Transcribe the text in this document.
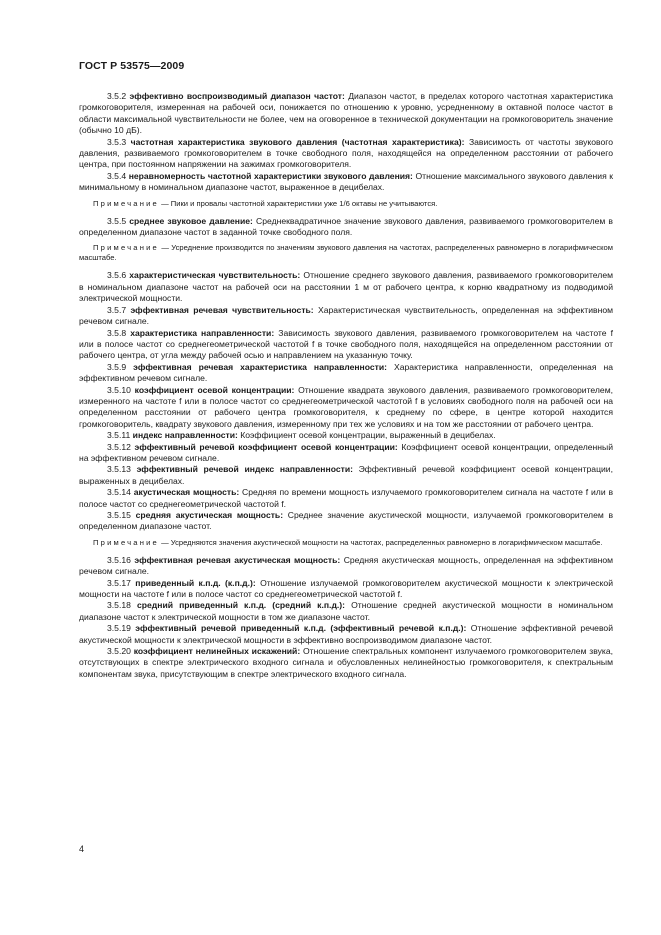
ГОСТ Р 53575—2009

3.5.2 эффективно воспроизводимый диапазон частот: Диапазон частот, в пределах которого частотная характеристика громкоговорителя, измеренная на рабочей оси, понижается по отношению к уровню, усредненному в октавной полосе частот в области максимальной чувствительности не более, чем на оговоренное в технической документации на громкоговоритель значение (обычно 10 дБ).

3.5.3 частотная характеристика звукового давления (частотная характеристика): Зависимость от частоты звукового давления, развиваемого громкоговорителем в точке свободного поля, находящейся на определенном расстоянии от рабочего центра, при постоянном напряжении на зажимах громкоговорителя.

3.5.4 неравномерность частотной характеристики звукового давления: Отношение максимального звукового давления к минимальному в номинальном диапазоне частот, выраженное в децибелах.

Примечание — Пики и провалы частотной характеристики уже 1/6 октавы не учитываются.

3.5.5 среднее звуковое давление: Среднеквадратичное значение звукового давления, развиваемого громкоговорителем в определенном диапазоне частот в заданной точке свободного поля.

Примечание — Усреднение производится по значениям звукового давления на частотах, распределенных равномерно в логарифмическом масштабе.

3.5.6 характеристическая чувствительность: Отношение среднего звукового давления, развиваемого громкоговорителем в номинальном диапазоне частот на рабочей оси на расстоянии 1 м от рабочего центра, к корню квадратному из подводимой электрической мощности.

3.5.7 эффективная речевая чувствительность: Характеристическая чувствительность, определенная на эффективном речевом сигнале.

3.5.8 характеристика направленности: Зависимость звукового давления, развиваемого громкоговорителем на частоте f или в полосе частот со среднегеометрической частотой f в точке свободного поля, находящейся на определенном расстоянии от рабочего центра, от угла между рабочей осью и направлением на указанную точку.

3.5.9 эффективная речевая характеристика направленности: Характеристика направленности, определенная на эффективном речевом сигнале.

3.5.10 коэффициент осевой концентрации: Отношение квадрата звукового давления, развиваемого громкоговорителем, измеренного на частоте f или в полосе частот со среднегеометрической частотой f в условиях свободного поля на рабочей оси на определенном расстоянии от рабочего центра громкоговорителя, к среднему по сфере, в центре которой находится громкоговоритель, квадрату звукового давления, измеренному при тех же условиях и на том же расстоянии от рабочего центра.

3.5.11 индекс направленности: Коэффициент осевой концентрации, выраженный в децибелах.

3.5.12 эффективный речевой коэффициент осевой концентрации: Коэффициент осевой концентрации, определенный на эффективном речевом сигнале.

3.5.13 эффективный речевой индекс направленности: Эффективный речевой коэффициент осевой концентрации, выраженных в децибелах.

3.5.14 акустическая мощность: Средняя по времени мощность излучаемого громкоговорителем сигнала на частоте f или в полосе частот со среднегеометрической частотой f.

3.5.15 средняя акустическая мощность: Среднее значение акустической мощности, излучаемой громкоговорителем в определенном диапазоне частот.

Примечание — Усредняются значения акустической мощности на частотах, распределенных равномерно в логарифмическом масштабе.

3.5.16 эффективная речевая акустическая мощность: Средняя акустическая мощность, определенная на эффективном речевом сигнале.

3.5.17 приведенный к.п.д. (к.п.д.): Отношение излучаемой громкоговорителем акустической мощности к электрической мощности на частоте f или в полосе частот со среднегеометрической частотой f.

3.5.18 средний приведенный к.п.д. (средний к.п.д.): Отношение средней акустической мощности в номинальном диапазоне частот к электрической мощности в том же диапазоне частот.

3.5.19 эффективный речевой приведенный к.п.д. (эффективный речевой к.п.д.): Отношение эффективной речевой акустической мощности к электрической мощности в эффективно воспроизводимом диапазоне частот.

3.5.20 коэффициент нелинейных искажений: Отношение спектральных компонент излучаемого громкоговорителем звука, отсутствующих в спектре электрического входного сигнала и обусловленных нелинейностью громкоговорителя, к спектральным компонентам звука, присутствующим в спектре электрического входного сигнала.

4
